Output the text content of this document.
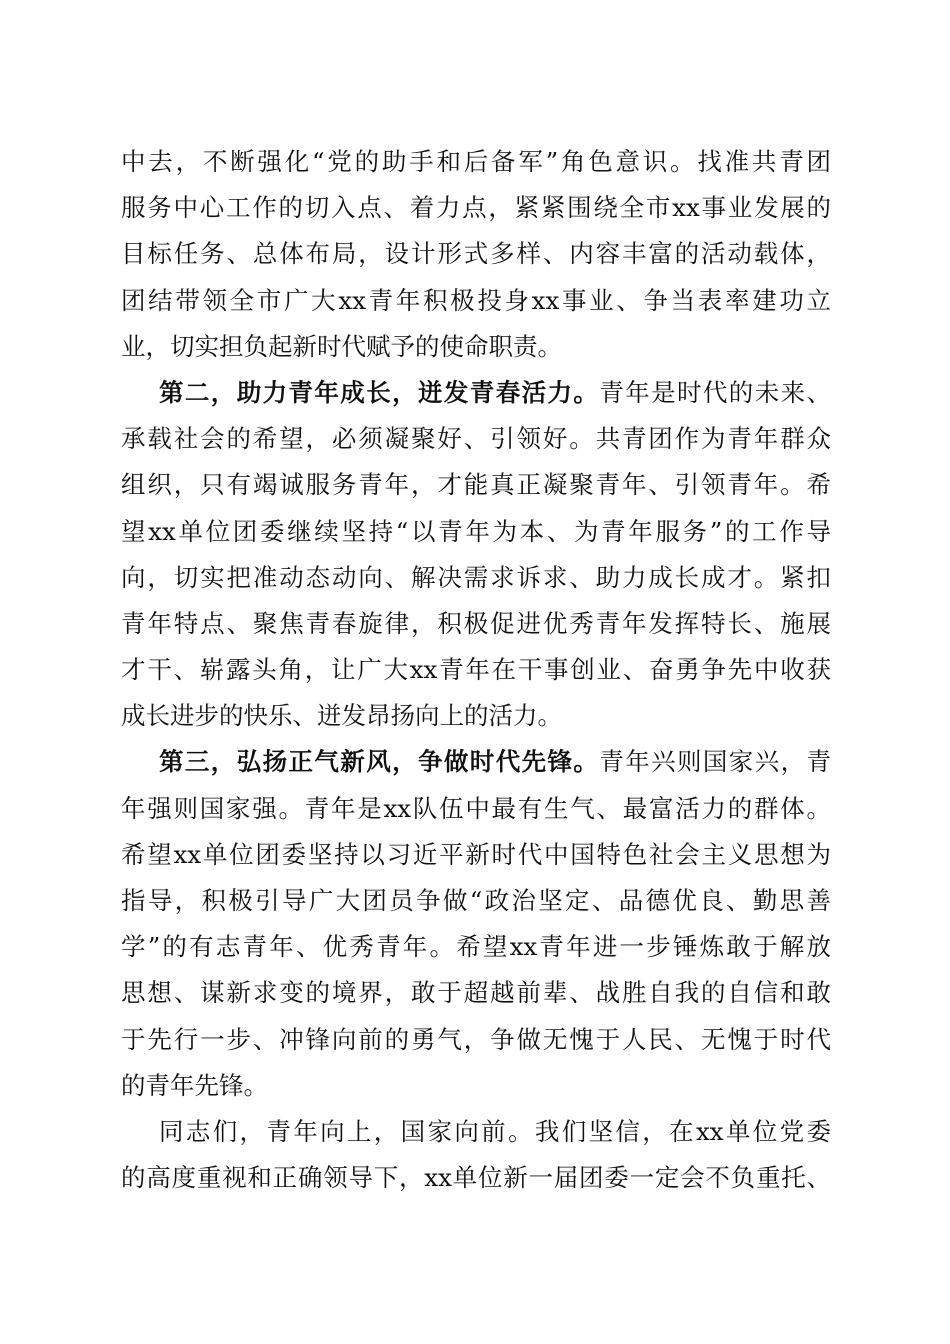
中去，不断强化“党的助手和后备军”角色意识。找准共青团
服务中心工作的切入点、着力点，紧紧围绕全市xx事业发展的
目标任务、总体布局，设计形式多样、内容丰富的活动载体，
团结带领全市广大xx青年积极投身xx事业、争当表率建功立
业，切实担负起新时代赋予的使命职责。
第二，助力青年成长，迸发青春活力。青年是时代的未来、
承载社会的希望，必须凝聚好、引领好。共青团作为青年群众
组织，只有竭诚服务青年，才能真正凝聚青年、引领青年。希
望xx单位团委继续坚持“以青年为本、为青年服务”的工作导
向，切实把准动态动向、解决需求诉求、助力成长成才。紧扣
青年特点、聚焦青春旋律，积极促进优秀青年发挥特长、施展
才干、崭露头角，让广大xx青年在干事创业、奋勇争先中收获
成长进步的快乐、迸发昂扬向上的活力。
第三，弘扬正气新风，争做时代先锋。青年兴则国家兴，青
年强则国家强。青年是xx队伍中最有生气、最富活力的群体。
希望xx单位团委坚持以习近平新时代中国特色社会主义思想为
指导，积极引导广大团员争做“政治坚定、品德优良、勤思善
学”的有志青年、优秀青年。希望xx青年进一步锤炼敢于解放
思想、谋新求变的境界，敢于超越前辈、战胜自我的自信和敢
于先行一步、冲锋向前的勇气，争做无愧于人民、无愧于时代
的青年先锋。
同志们，青年向上，国家向前。我们坚信，在xx单位党委
的高度重视和正确领导下，xx单位新一届团委一定会不负重托、
